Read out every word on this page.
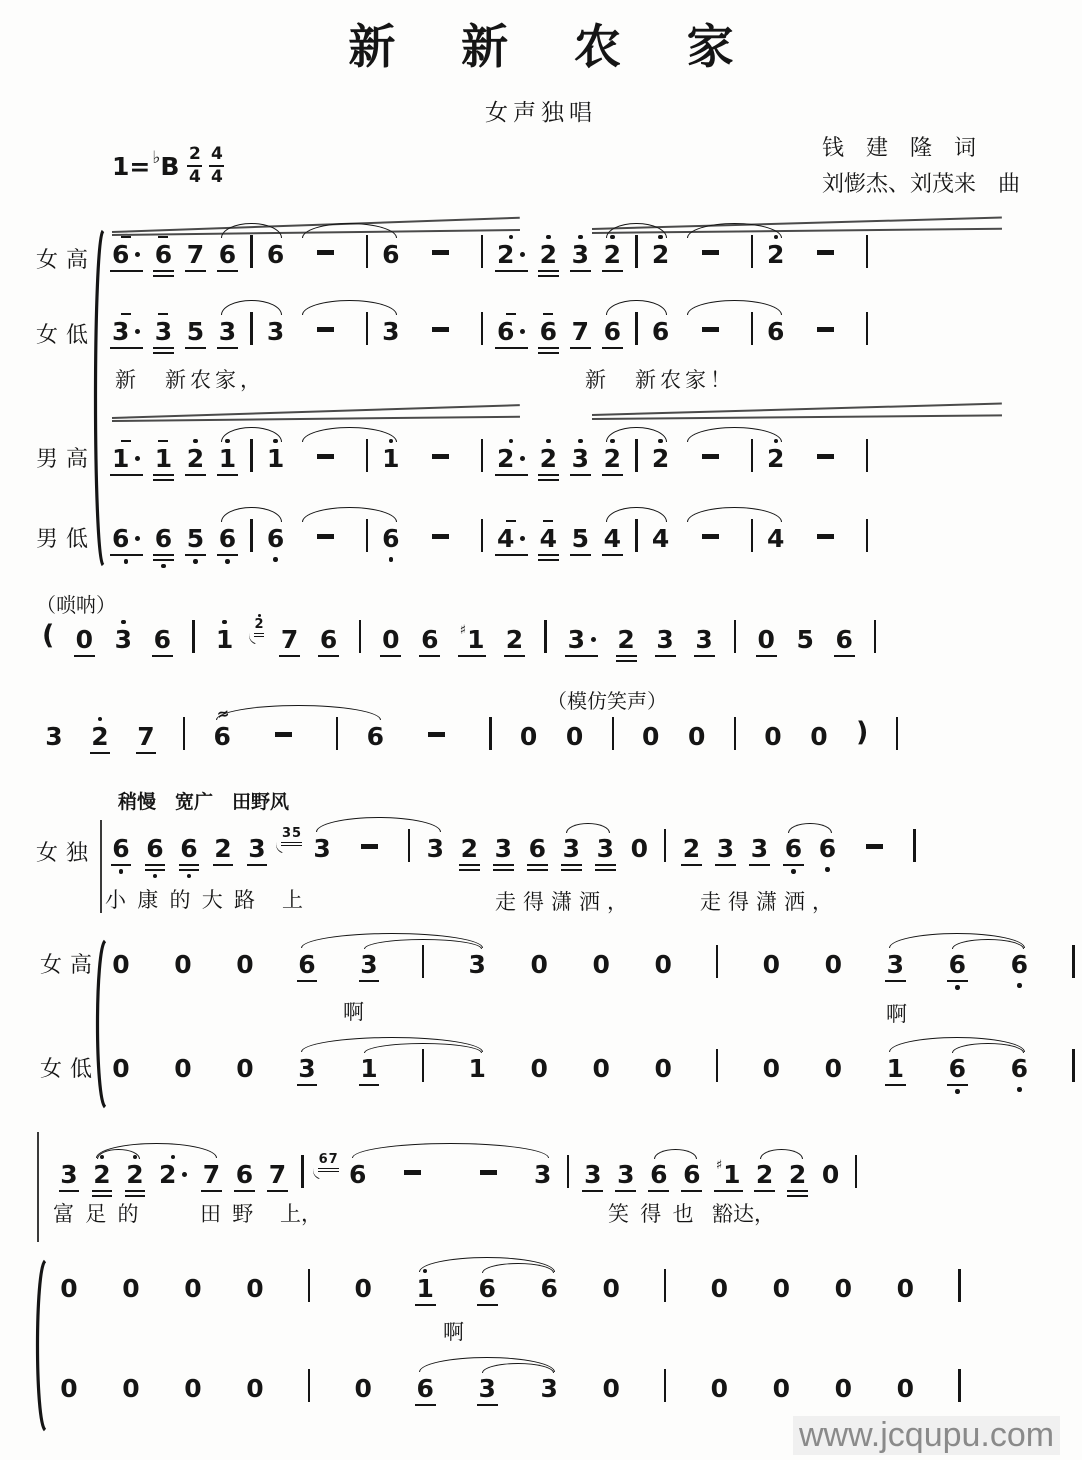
新 新 农 家
女声独唱
1= ♭ B $\frac{2}{4} \frac{4}{4}$	钱　建　隆　词
刘憉杰、刘茂来　曲
女高
女低
男高
男低
6 6 7 6 6	6	2 2 3 2 2	2
3 3 5 3 3	3	6 6 7 6 6	6
新　新农家，	新　新农家！
1 1 2 1 1	1	2 2 3 2 2	2
6 6 5 6 6	6	4 4 5 4 4	4
（唢呐）
( 0 3 6 1
2
7 6 0 6 ♯ 1 2 3 2 3 3 0 5 6
（模仿笑声）
3 2 7
≈
6	6	0 0 0 0 0 0 )
稍慢　宽广　田野风
女独 6 6 6 2 3
3 5
3	3 2 3 6 3 3 0 2 3 3 6 6
小 康 的 大 路　上	走得潇洒，	走得潇洒，
女高
女低
0 0 0 6 3	3 0 0 0	0 0 3 6 6
啊	啊
0 0 0 3 1	1 0 0 0	0 0 1 6 6
3 2 2 2 7 6 7
6 7
6	3 3 3 6 6 ♯ 1 2 2 0
富 足 的	田 野 上，	笑 得 也 豁达，
0 0 0 0	0 1 6 6 0	0 0 0 0
啊
0 0 0 0	0 6 3 3 0	0 0 0 0
www.jcqupu.com
